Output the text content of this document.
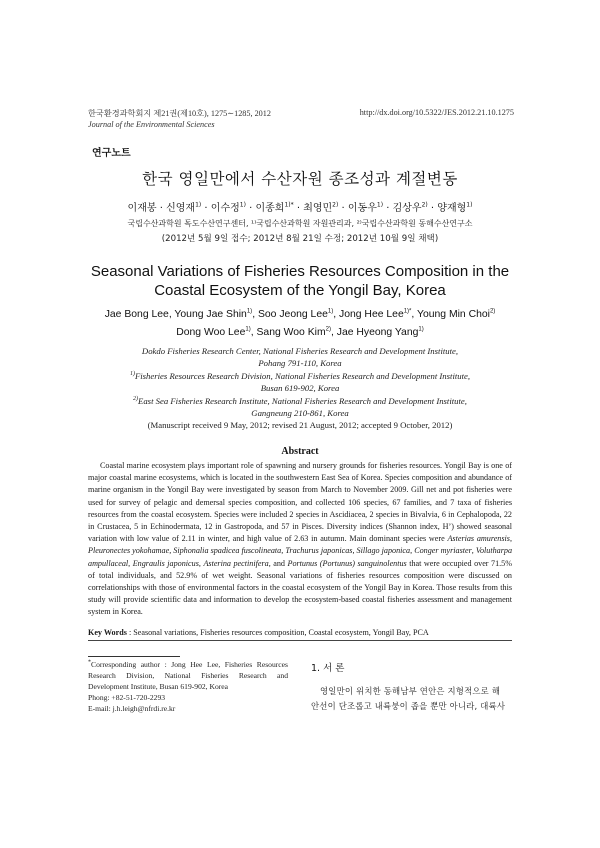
한국환경과학회지 제21권(제10호), 1275∼1285, 2012
Journal of the Environmental Sciences
http://dx.doi.org/10.5322/JES.2012.21.10.1275
연구노트
한국 영일만에서 수산자원 종조성과 계절변동
이재봉 · 신영재$^{1)}$ · 이수정$^{1)}$ · 이종희$^{1)*}$ · 최영민$^{2)}$ · 이동우$^{1)}$ · 김상우$^{2)}$ · 양재형$^{1)}$
국립수산과학원 독도수산연구센터, ¹⁾국립수산과학원 자원관리과, ²⁾국립수산과학원 동해수산연구소
(2012년 5월 9일 접수; 2012년 8월 21일 수정; 2012년 10월 9일 채택)
Seasonal Variations of Fisheries Resources Composition in the
Coastal Ecosystem of the Yongil Bay, Korea
Jae Bong Lee, Young Jae Shin$^{1)}$, Soo Jeong Lee$^{1)}$, Jong Hee Lee$^{1)*}$, Young Min Choi$^{2)}$
Dong Woo Lee$^{1)}$, Sang Woo Kim$^{2)}$, Jae Hyeong Yang$^{1)}$
Dokdo Fisheries Research Center, National Fisheries Research and Development Institute,
Pohang 791-110, Korea
$^{1)}$Fisheries Resources Research Division, National Fisheries Research and Development Institute,
Busan 619-902, Korea
$^{2)}$East Sea Fisheries Research Institute, National Fisheries Research and Development Institute,
Gangneung 210-861, Korea
(Manuscript received 9 May, 2012; revised 21 August, 2012; accepted 9 October, 2012)
Abstract
Coastal marine ecosystem plays important role of spawning and nursery grounds for fisheries resources. Yongil Bay is one of major coastal marine ecosystems, which is located in the southwestern East Sea of Korea. Species composition and abundance of marine organism in the Yongil Bay were investigated by season from March to November 2009. Gill net and pot fisheries were used for survey of pelagic and demersal species composition, and collected 106 species, 67 families, and 7 taxa of fisheries resources from the coastal ecosystem. Species were included 2 species in Ascidiacea, 2 species in Bivalvia, 6 in Cephalopoda, 22 in Crustacea, 5 in Echinodermata, 12 in Gastropoda, and 57 in Pisces. Diversity indices (Shannon index, H’) showed seasonal variation with low value of 2.11 in winter, and high value of 2.63 in autumn. Main dominant species were Asterias amurensis, Pleuronectes yokohamae, Siphonalia spadicea fuscolineata, Trachurus japonicas, Sillago japonica, Conger myriaster, Volutharpa ampullaceal, Engraulis japonicus, Asterina pectinifera, and Portunus (Portunus) sanguinolentus that were occupied over 71.5% of total individuals, and 52.9% of wet weight. Seasonal variations of fisheries resources composition were discussed on correlationships with those of environmental factors in the coastal ecosystem of the Yongil Bay in Korea. Those results from this study will provide scientific data and information to develop the ecosystem-based coastal fisheries assessment and management system in Korea.
Key Words : Seasonal variations, Fisheries resources composition, Coastal ecosystem, Yongil Bay, PCA
*Corresponding author : Jong Hee Lee, Fisheries Resources Research Division, National Fisheries Research and Development Institute, Busan 619-902, Korea
Phong: +82-51-720-2293
E-mail: j.h.leigh@nfrdi.re.kr
1. 서 론
영일만이 위치한 동해남부 연안은 지형적으로 해
안선이 단조롭고 내륙붕이 좁을 뿐만 아니라, 대륙사
